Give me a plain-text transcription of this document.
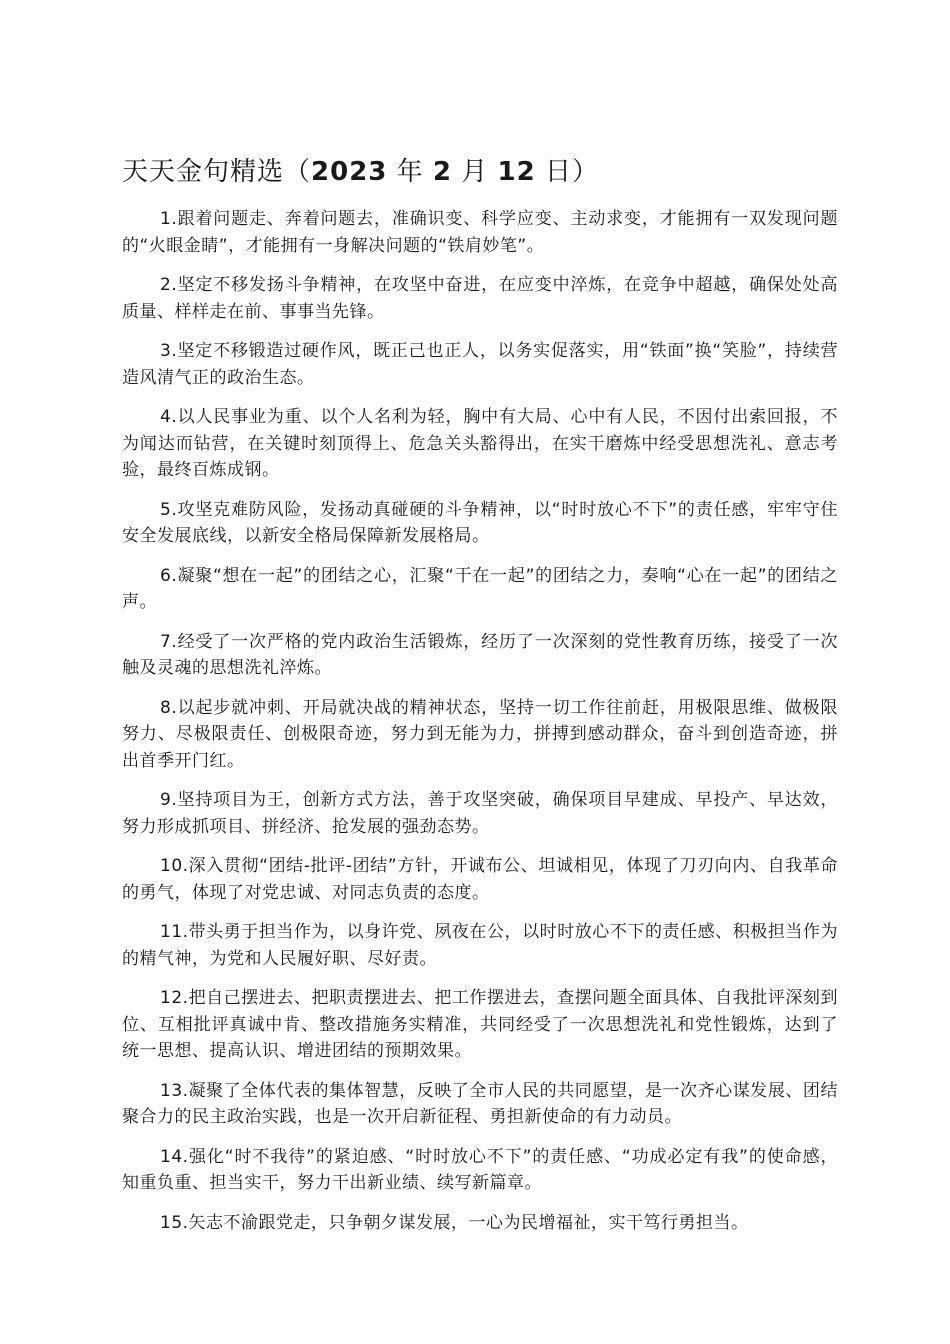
天天金句精选（2023 年 2 月 12 日）

1.跟着问题走、奔着问题去，准确识变、科学应变、主动求变，才能拥有一双发现问题的“火眼金睛”，才能拥有一身解决问题的“铁肩妙笔”。

2.坚定不移发扬斗争精神，在攻坚中奋进，在应变中淬炼，在竞争中超越，确保处处高质量、样样走在前、事事当先锋。

3.坚定不移锻造过硬作风，既正己也正人，以务实促落实，用“铁面”换“笑脸”，持续营造风清气正的政治生态。

4.以人民事业为重、以个人名利为轻，胸中有大局、心中有人民，不因付出索回报，不为闻达而钻营，在关键时刻顶得上、危急关头豁得出，在实干磨炼中经受思想洗礼、意志考验，最终百炼成钢。

5.攻坚克难防风险，发扬动真碰硬的斗争精神，以“时时放心不下”的责任感，牢牢守住安全发展底线，以新安全格局保障新发展格局。

6.凝聚“想在一起”的团结之心，汇聚“干在一起”的团结之力，奏响“心在一起”的团结之声。

7.经受了一次严格的党内政治生活锻炼，经历了一次深刻的党性教育历练，接受了一次触及灵魂的思想洗礼淬炼。

8.以起步就冲刺、开局就决战的精神状态，坚持一切工作往前赶，用极限思维、做极限努力、尽极限责任、创极限奇迹，努力到无能为力，拼搏到感动群众，奋斗到创造奇迹，拼出首季开门红。

9.坚持项目为王，创新方式方法，善于攻坚突破，确保项目早建成、早投产、早达效，努力形成抓项目、拼经济、抢发展的强劲态势。

10.深入贯彻“团结-批评-团结”方针，开诚布公、坦诚相见，体现了刀刃向内、自我革命的勇气，体现了对党忠诚、对同志负责的态度。

11.带头勇于担当作为，以身许党、夙夜在公，以时时放心不下的责任感、积极担当作为的精气神，为党和人民履好职、尽好责。

12.把自己摆进去、把职责摆进去、把工作摆进去，查摆问题全面具体、自我批评深刻到位、互相批评真诚中肯、整改措施务实精准，共同经受了一次思想洗礼和党性锻炼，达到了统一思想、提高认识、增进团结的预期效果。

13.凝聚了全体代表的集体智慧，反映了全市人民的共同愿望，是一次齐心谋发展、团结聚合力的民主政治实践，也是一次开启新征程、勇担新使命的有力动员。

14.强化“时不我待”的紧迫感、“时时放心不下”的责任感、“功成必定有我”的使命感，知重负重、担当实干，努力干出新业绩、续写新篇章。

15.矢志不渝跟党走，只争朝夕谋发展，一心为民增福祉，实干笃行勇担当。
